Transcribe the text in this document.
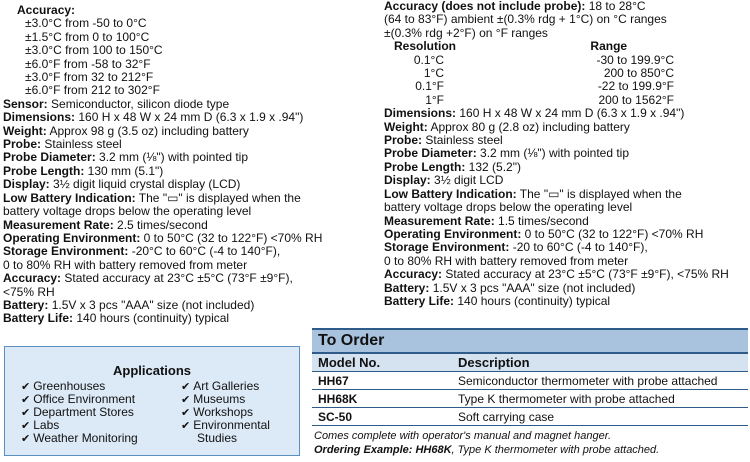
Accuracy:
±3.0°C from -50 to 0°C
±1.5°C from 0 to 100°C
±3.0°C from 100 to 150°C
±6.0°F from -58 to 32°F
±3.0°F from 32 to 212°F
±6.0°F from 212 to 302°F
Sensor: Semiconductor, silicon diode type
Dimensions: 160 H x 48 W x 24 mm D (6.3 x 1.9 x .94")
Weight: Approx 98 g (3.5 oz) including battery
Probe: Stainless steel
Probe Diameter: 3.2 mm (⅛") with pointed tip
Probe Length: 130 mm (5.1")
Display: 3½ digit liquid crystal display (LCD)
Low Battery Indication: The "▭" is displayed when the
battery voltage drops below the operating level
Measurement Rate: 2.5 times/second
Operating Environment: 0 to 50°C (32 to 122°F) <70% RH
Storage Environment: -20°C to 60°C (-4 to 140°F),
0 to 80% RH with battery removed from meter
Accuracy: Stated accuracy at 23°C ±5°C (73°F ±9°F),
<75% RH
Battery: 1.5V x 3 pcs "AAA" size (not included)
Battery Life: 140 hours (continuity) typical
Accuracy (does not include probe): 18 to 28°C
(64 to 83°F) ambient ±(0.3% rdg + 1°C) on °C ranges
±(0.3% rdg +2°F) on °F ranges
Resolution	Range
0.1°C	-30 to 199.9°C
1°C	200 to 850°C
0.1°F	-22 to 199.9°F
1°F	200 to 1562°F
Dimensions: 160 H x 48 W x 24 mm D (6.3 x 1.9 x .94")
Weight: Approx 80 g (2.8 oz) including battery
Probe: Stainless steel
Probe Diameter: 3.2 mm (⅛") with pointed tip
Probe Length: 132 (5.2")
Display: 3½ digit LCD
Low Battery Indication: The "▭" is displayed when the
battery voltage drops below the operating level
Measurement Rate: 1.5 times/second
Operating Environment: 0 to 50°C (32 to 122°F) <70% RH
Storage Environment: -20 to 60°C (-4 to 140°F),
0 to 80% RH with battery removed from meter
Accuracy: Stated accuracy at 23°C ±5°C (73°F ±9°F), <75% RH
Battery: 1.5V x 3 pcs "AAA" size (not included)
Battery Life: 140 hours (continuity) typical
Applications
✔ Greenhouses
✔ Office Environment
✔ Department Stores
✔ Labs
✔ Weather Monitoring
✔ Art Galleries
✔ Museums
✔ Workshops
✔ Environmental
Studies
To Order
Model No.	Description
HH67	Semiconductor thermometer with probe attached
HH68K	Type K thermometer with probe attached
SC-50	Soft carrying case
Comes complete with operator's manual and magnet hanger.
Ordering Example: HH68K, Type K thermometer with probe attached.
